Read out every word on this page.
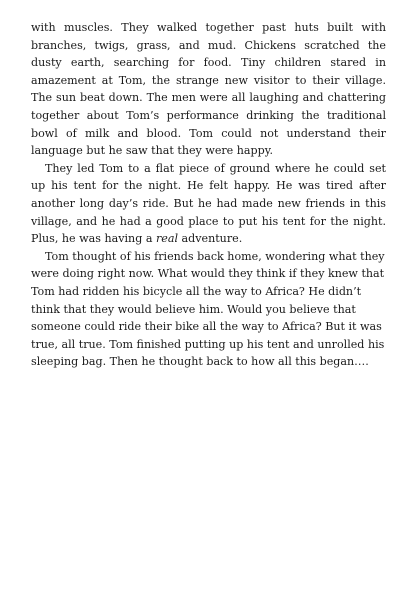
with muscles. They walked together past huts built with branches, twigs, grass, and mud. Chickens scratched the dusty earth, searching for food. Tiny children stared in amazement at Tom, the strange new visitor to their village. The sun beat down. The men were all laughing and chattering together about Tom’s performance drinking the traditional bowl of milk and blood. Tom could not understand their language but he saw that they were happy.

They led Tom to a flat piece of ground where he could set up his tent for the night. He felt happy. He was tired after another long day’s ride. But he had made new friends in this village, and he had a good place to put his tent for the night. Plus, he was having a real adventure.

Tom thought of his friends back home, wondering what they were doing right now. What would they think if they knew that Tom had ridden his bicycle all the way to Africa? He didn’t think that they would believe him. Would you believe that someone could ride their bike all the way to Africa? But it was true, all true. Tom finished putting up his tent and unrolled his sleeping bag. Then he thought back to how all this began….
